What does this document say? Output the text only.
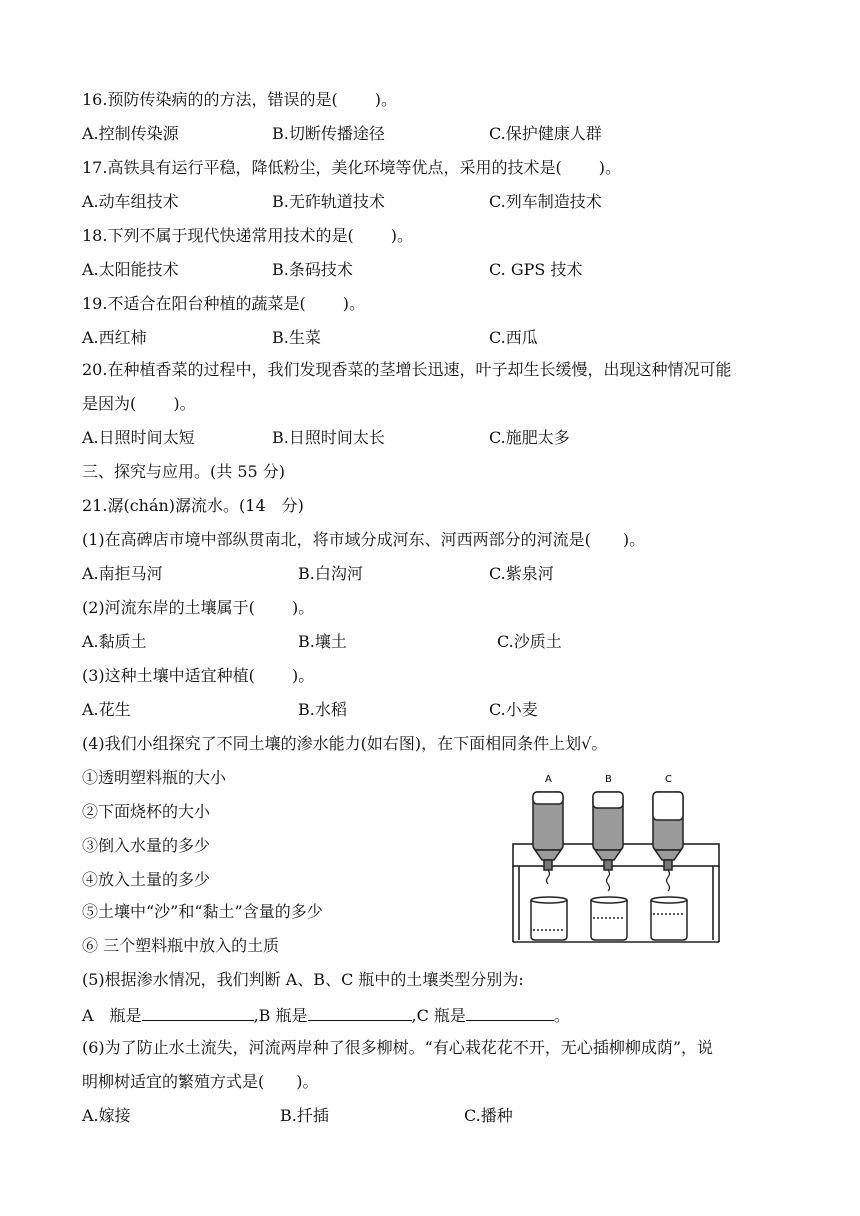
16.预防传染病的的方法，错误的是(　　 )。
A.控制传染源	B.切断传播途径	C.保护健康人群
17.高铁具有运行平稳，降低粉尘，美化环境等优点，采用的技术是(　　 )。
A.动车组技术	B.无砟轨道技术	C.列车制造技术
18.下列不属于现代快递常用技术的是(　　 )。
A.太阳能技术	B.条码技术	C. GPS 技术
19.不适合在阳台种植的蔬菜是(　　 )。
A.西红柿	B.生菜	C.西瓜
20.在种植香菜的过程中，我们发现香菜的茎增长迅速，叶子却生长缓慢，出现这种情况可能
是因为(　　 )。
A.日照时间太短	B.日照时间太长	C.施肥太多
三、探究与应用。(共 55 分)
21.潺(chán)潺流水。(14　分)
(1)在高碑店市境中部纵贯南北，将市域分成河东、河西两部分的河流是(　　)。
A.南拒马河	B.白沟河	C.紫泉河
(2)河流东岸的土壤属于(　　 )。
A.黏质土	B.壤土	C.沙质土
(3)这种土壤中适宜种植(　　 )。
A.花生	B.水稻	C.小麦
(4)我们小组探究了不同土壤的渗水能力(如右图)，在下面相同条件上划√。
①透明塑料瓶的大小
②下面烧杯的大小
③倒入水量的多少
④放入土量的多少
⑤土壤中“沙”和“黏土”含量的多少
⑥ 三个塑料瓶中放入的土质
A	B	C
(5)根据渗水情况，我们判断 A、B、C 瓶中的土壤类型分别为:
A　瓶是	,B 瓶是	,C 瓶是	。
(6)为了防止水土流失，河流两岸种了很多柳树。“有心栽花花不开，无心插柳柳成荫”，说
明柳树适宜的繁殖方式是(　　)。
A.嫁接	B.扦插	C.播种
